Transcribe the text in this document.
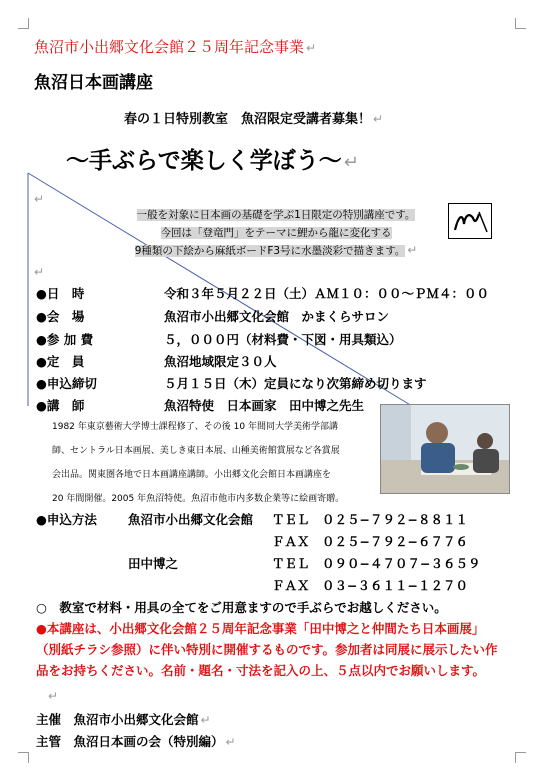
魚沼市小出郷文化会館２５周年記念事業 ↵
魚沼日本画講座
春の１日特別教室　魚沼限定受講者募集！ ↵
〜手ぶらで楽しく学ぼう〜 ↵
↵
一般を対象に日本画の基礎を学ぶ1日限定の特別講座です。
今回は「登竜門」をテーマに鯉から龍に変化する
9種類の下絵から麻紙ボードF3号に水墨淡彩で描きます。 ↵
↵
●日　時	令和３年５月２２日（土）ＡＭ１０：００〜ＰＭ４：００
●会　場	魚沼市小出郷文化会館　かまくらサロン
●参 加 費	５，０００円（材料費・下図・用具類込）
●定　員	魚沼地域限定３０人
●申込締切	５月１５日（木）定員になり次第締め切ります
●講　師	魚沼特使　日本画家　田中博之先生
1982 年東京藝術大学博士課程修了、その後 10 年間同大学美術学部講
師、セントラル日本画展、美しき東日本展、山種美術館賞展など各賞展
会出品。関東圏各地で日本画講座講師。小出郷文化会館日本画講座を
20 年間開催。2005 年魚沼特使。魚沼市他市内多数企業等に絵画寄贈。
●申込方法 魚沼市小出郷文化会館 ＴＥＬ ０２５−７９２−８８１１
ＦＡＸ ０２５−７９２−６７７６
田中博之	ＴＥＬ ０９０−４７０７−３６５９
ＦＡＸ ０３−３６１１−１２７０
○　教室で材料・用具の全てをご用意ますので手ぶらでお越しください。
●本講座は、小出郷文化会館２５周年記念事業「田中博之と仲間たち日本画展」
（別紙チラシ参照）に伴い特別に開催するものです。参加者は同展に展示したい作
品をお持ちください。名前・題名・寸法を記入の上、５点以内でお願いします。
↵
主催　 魚沼市小出郷文化会館 ↵
主管　 魚沼日本画の会（特別編） ↵
